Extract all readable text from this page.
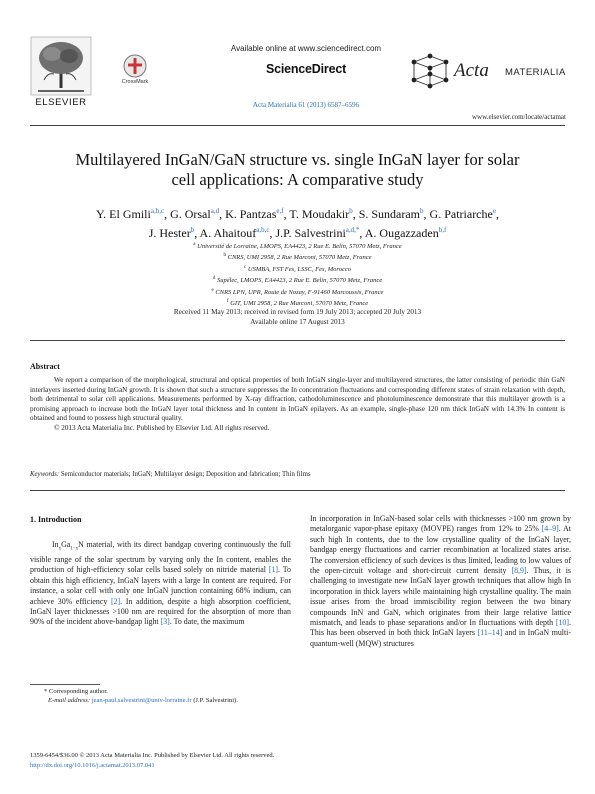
ELSEVIER
CrossMark
Available online at www.sciencedirect.com
ScienceDirect
Acta Materialia 61 (2013) 6587–6596
Acta MATERIALIA
www.elsevier.com/locate/actamat
Multilayered InGaN/GaN structure vs. single InGaN layer for solar
cell applications: A comparative study
Y. El Gmili$^{a,b,c}$, G. Orsal$^{a,d}$, K. Pantzas$^{e,f}$, T. Moudakir$^b$, S. Sundaram$^b$, G. Patriarche$^e$,
J. Hester$^b$, A. Ahaitouf$^{a,b,c}$, J.P. Salvestrini$^{a,d,*}$, A. Ougazzaden$^{b,f}$
$^a$ Université de Lorraine, LMOPS, EA4423, 2 Rue E. Belin, 57070 Metz, France
$^b$ CNRS, UMI 2958, 2 Rue Marconi, 57070 Metz, France
$^c$ USMBA, FST Fes, LSSC, Fes, Morocco
$^d$ Supélec, LMOPS, EA4423, 2 Rue E. Belin, 57070 Metz, France
$^e$ CNRS LPN, UPR, Route de Nozay, F-91460 Marcoussis, France
$^f$ GIT, UMI 2958, 2 Rue Marconi, 57070 Metz, France
Received 11 May 2013; received in revised form 19 July 2013; accepted 20 July 2013
Available online 17 August 2013
Abstract

We report a comparison of the morphological, structural and optical properties of both InGaN single-layer and multilayered structures, the latter consisting of periodic thin GaN interlayers inserted during InGaN growth. It is shown that such a structure suppresses the In concentration fluctuations and corresponding different states of strain relaxation with depth, both detrimental to solar cell applications. Measurements performed by X-ray diffraction, cathodoluminescence and photoluminescence demonstrate that this multilayer growth is a promising approach to increase both the InGaN layer total thickness and In content in InGaN epilayers. As an example, single-phase 120 nm thick InGaN with 14.3% In content is obtained and found to possess high structural quality.

© 2013 Acta Materialia Inc. Published by Elsevier Ltd. All rights reserved.

Keywords: Semiconductor materials; InGaN; Multilayer design; Deposition and fabrication; Thin films
1. Introduction

$In_xGa_{1-x}N$ material, with its direct bandgap covering continuously the full visible range of the solar spectrum by varying only the In content, enables the production of high-efficiency solar cells based solely on nitride material [1]. To obtain this high efficiency, InGaN layers with a large In content are required. For instance, a solar cell with only one InGaN junction containing 68% indium, can achieve 30% efficiency [2]. In addition, despite a high absorption coefficient, InGaN layer thicknesses >100 nm are required for the absorption of more than 90% of the incident above-bandgap light [3]. To date, the maximum

In incorporation in InGaN-based solar cells with thicknesses >100 nm grown by metalorganic vapor-phase epitaxy (MOVPE) ranges from 12% to 25% [4–9]. At such high In contents, due to the low crystalline quality of the InGaN layer, bandgap energy fluctuations and carrier recombination at localized states arise. The conversion efficiency of such devices is thus limited, leading to low values of the open-circuit voltage and short-circuit current density [8,9]. Thus, it is challenging to investigate new InGaN layer growth techniques that allow high In incorporation in thick layers while maintaining high crystalline quality. The main issue arises from the broad immiscibility region between the two binary compounds InN and GaN, which originates from their large relative lattice mismatch, and leads to phase separations and/or In fluctuations with depth [10]. This has been observed in both thick InGaN layers [11–14] and in InGaN multi-quantum-well (MQW) structures

* Corresponding author.
E-mail address: jean-paul.salvestrini@univ-lorraine.fr (J.P. Salvestrini).
1359-6454/$36.00 © 2013 Acta Materialia Inc. Published by Elsevier Ltd. All rights reserved.
http://dx.doi.org/10.1016/j.actamat.2013.07.041
